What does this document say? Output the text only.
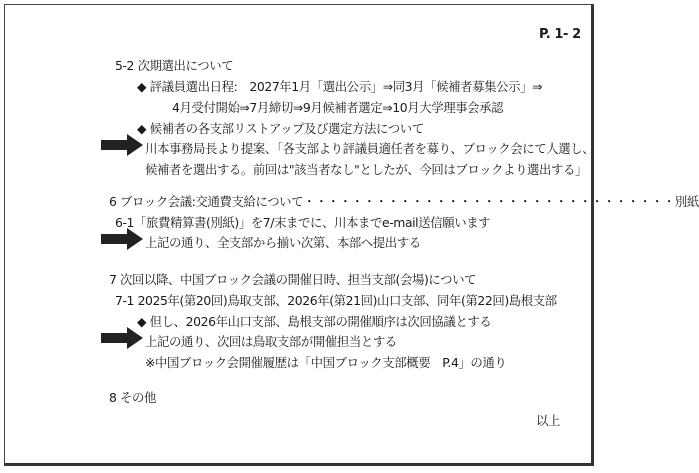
P. 1- 2
5-2 次期選出について
◆ 評議員選出日程:　2027年1月「選出公示」⇒同3月「候補者募集公示」⇒
4月受付開始⇒7月締切⇒9月候補者選定⇒10月大学理事会承認
◆ 候補者の各支部リストアップ及び選定方法について
川本事務局長より提案、「各支部より評議員適任者を募り、ブロック会にて人選し、
候補者を選出する。前回は"該当者なし"としたが、今回はブロックより選出する」
6 ブロック会議:交通費支給について・・・・・・・・・・・・・・・・・・・・・・・・・・・・・・・別紙
6-1「旅費精算書(別紙)」を7/末までに、川本までe-mail送信願います
上記の通り、全支部から揃い次第、本部へ提出する
7 次回以降、中国ブロック会議の開催日時、担当支部(会場)について
7-1 2025年(第20回)鳥取支部、2026年(第21回)山口支部、同年(第22回)島根支部
◆ 但し、2026年山口支部、島根支部の開催順序は次回協議とする
上記の通り、次回は鳥取支部が開催担当とする
※中国ブロック会開催履歴は「中国ブロック支部概要　P.4」の通り
8 その他
以上
